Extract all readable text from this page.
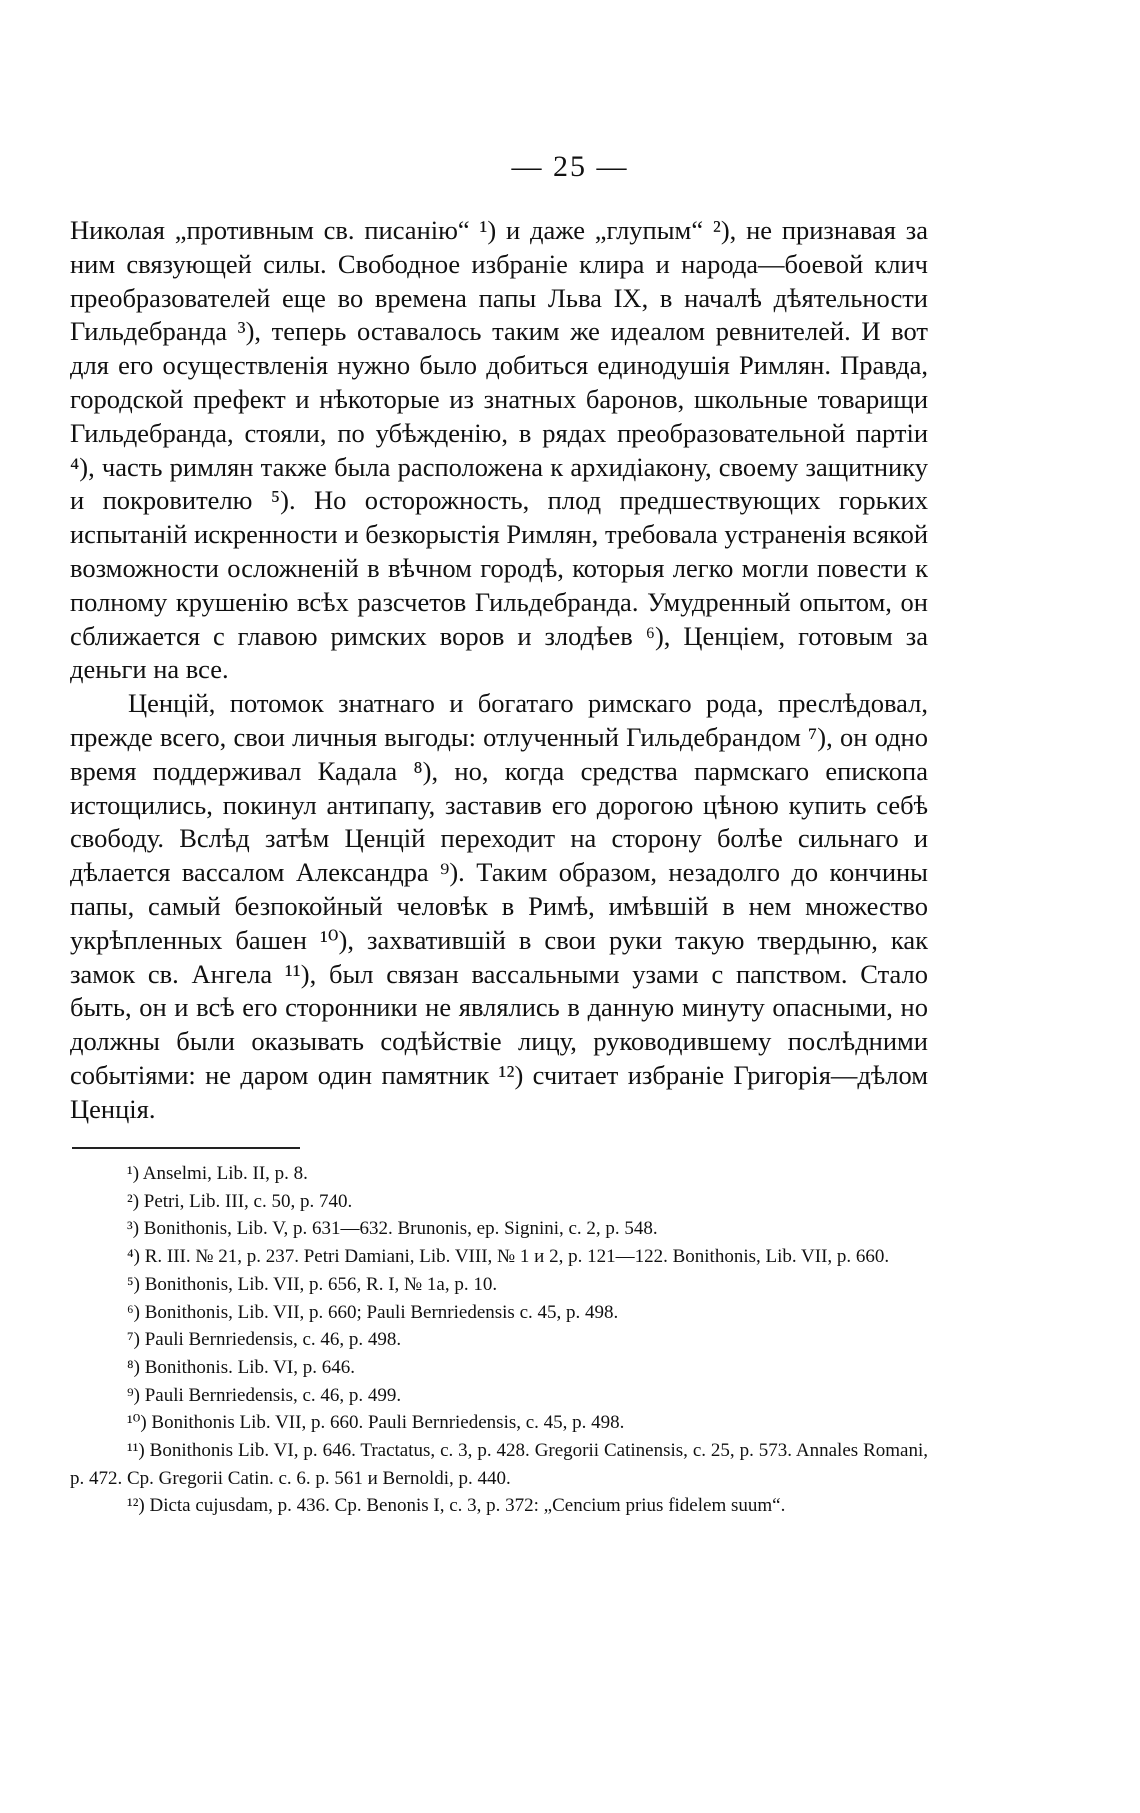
— 25 —

Николая „противным св. писанію“ ¹) и даже „глупым“ ²), не признавая за ним связующей силы. Свободное избраніе клира и народа—боевой клич преобразователей еще во времена папы Льва IX, в началѣ дѣятельности Гильдебранда ³), теперь оставалось таким же идеалом ревнителей. И вот для его осуществленія нужно было добиться единодушія Римлян. Правда, городской префект и нѣкоторые из знатных баронов, школьные товарищи Гильдебранда, стояли, по убѣжденію, в рядах преобразовательной партіи ⁴), часть римлян также была расположена к архидіакону, своему защитнику и покровителю ⁵). Но осторожность, плод предшествующих горьких испытаній искренности и безкорыстія Римлян, требовала устраненія всякой возможности осложненій в вѣчном городѣ, которыя легко могли повести к полному крушенію всѣх разсчетов Гильдебранда. Умудренный опытом, он сближается с главою римских воров и злодѣев ⁶), Ценціем, готовым за деньги на все.

Ценцій, потомок знатнаго и богатаго римскаго рода, преслѣдовал, прежде всего, свои личныя выгоды: отлученный Гильдебрандом ⁷), он одно время поддерживал Кадала ⁸), но, когда средства пармскаго епископа истощились, покинул антипапу, заставив его дорогою цѣною купить себѣ свободу. Вслѣд затѣм Ценцій переходит на сторону болѣе сильнаго и дѣлается вассалом Александра ⁹). Таким образом, незадолго до кончины папы, самый безпокойный человѣк в Римѣ, имѣвшій в нем множество укрѣпленных башен ¹⁰), захватившій в свои руки такую твердыню, как замок св. Ангела ¹¹), был связан вассальными узами с папством. Стало быть, он и всѣ его сторонники не являлись в данную минуту опасными, но должны были оказывать содѣйствіе лицу, руководившему послѣдними событіями: не даром один памятник ¹²) считает избраніе Григорія—дѣлом Ценція.

¹) Anselmi, Lib. II, p. 8.

²) Petri, Lib. III, c. 50, p. 740.

³) Bonithonis, Lib. V, p. 631—632. Brunonis, ep. Signini, c. 2, p. 548.

⁴) R. III. № 21, p. 237. Petri Damiani, Lib. VIII, № 1 и 2, p. 121—122. Bonithonis, Lib. VII, p. 660.

⁵) Bonithonis, Lib. VII, p. 656, R. I, № 1a, p. 10.

⁶) Bonithonis, Lib. VII, p. 660; Pauli Bernriedensis c. 45, p. 498.

⁷) Pauli Bernriedensis, c. 46, p. 498.

⁸) Bonithonis. Lib. VI, p. 646.

⁹) Pauli Bernriedensis, c. 46, p. 499.

¹⁰) Bonithonis Lib. VII, p. 660. Pauli Bernriedensis, c. 45, p. 498.

¹¹) Bonithonis Lib. VI, p. 646. Tractatus, c. 3, p. 428. Gregorii Catinensis, c. 25, p. 573. Annales Romani, p. 472. Ср. Gregorii Catin. c. 6. p. 561 и Bernoldi, p. 440.

¹²) Dicta cujusdam, p. 436. Ср. Benonis I, c. 3, p. 372: „Cencium prius fidelem suum“.
